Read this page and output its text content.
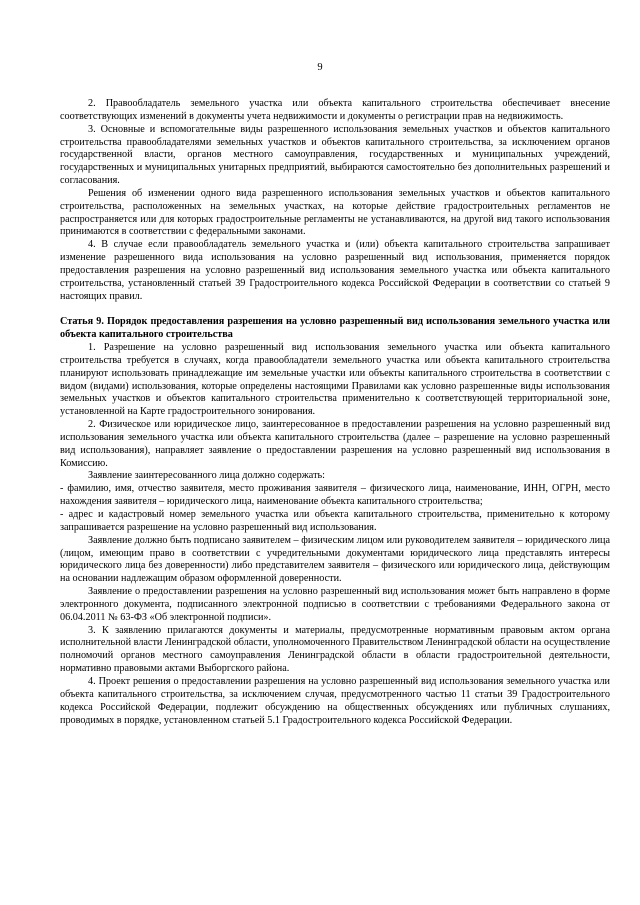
9

2. Правообладатель земельного участка или объекта капитального строительства обеспечивает внесение соответствующих изменений в документы учета недвижимости и документы о регистрации прав на недвижимость.

3. Основные и вспомогательные виды разрешенного использования земельных участков и объектов капитального строительства правообладателями земельных участков и объектов капитального строительства, за исключением органов государственной власти, органов местного самоуправления, государственных и муниципальных учреждений, государственных и муниципальных унитарных предприятий, выбираются самостоятельно без дополнительных разрешений и согласования.

Решения об изменении одного вида разрешенного использования земельных участков и объектов капитального строительства, расположенных на земельных участках, на которые действие градостроительных регламентов не распространяется или для которых градостроительные регламенты не устанавливаются, на другой вид такого использования принимаются в соответствии с федеральными законами.

4. В случае если правообладатель земельного участка и (или) объекта капитального строительства запрашивает изменение разрешенного вида использования на условно разрешенный вид использования, применяется порядок предоставления разрешения на условно разрешенный вид использования земельного участка или объекта капитального строительства, установленный статьей 39 Градостроительного кодекса Российской Федерации в соответствии со статьей 9 настоящих правил.

Статья 9. Порядок предоставления разрешения на условно разрешенный вид использования земельного участка или объекта капитального строительства

1. Разрешение на условно разрешенный вид использования земельного участка или объекта капитального строительства требуется в случаях, когда правообладатели земельного участка или объекта капитального строительства планируют использовать принадлежащие им земельные участки или объекты капитального строительства в соответствии с видом (видами) использования, которые определены настоящими Правилами как условно разрешенные виды использования земельных участков и объектов капитального строительства применительно к соответствующей территориальной зоне, установленной на Карте градостроительного зонирования.

2. Физическое или юридическое лицо, заинтересованное в предоставлении разрешения на условно разрешенный вид использования земельного участка или объекта капитального строительства (далее – разрешение на условно разрешенный вид использования), направляет заявление о предоставлении разрешения на условно разрешенный вид использования в Комиссию.

Заявление заинтересованного лица должно содержать:

- фамилию, имя, отчество заявителя, место проживания заявителя – физического лица, наименование, ИНН, ОГРН, место нахождения заявителя – юридического лица, наименование объекта капитального строительства;

- адрес и кадастровый номер земельного участка или объекта капитального строительства, применительно к которому запрашивается разрешение на условно разрешенный вид использования.

Заявление должно быть подписано заявителем – физическим лицом или руководителем заявителя – юридического лица (лицом, имеющим право в соответствии с учредительными документами юридического лица представлять интересы юридического лица без доверенности) либо представителем заявителя – физического или юридического лица, действующим на основании надлежащим образом оформленной доверенности.

Заявление о предоставлении разрешения на условно разрешенный вид использования может быть направлено в форме электронного документа, подписанного электронной подписью в соответствии с требованиями Федерального закона от 06.04.2011 № 63-ФЗ «Об электронной подписи».

3. К заявлению прилагаются документы и материалы, предусмотренные нормативным правовым актом органа исполнительной власти Ленинградской области, уполномоченного Правительством Ленинградской области на осуществление полномочий органов местного самоуправления Ленинградской области в области градостроительной деятельности, нормативно правовыми актами Выборгского района.

4. Проект решения о предоставлении разрешения на условно разрешенный вид использования земельного участка или объекта капитального строительства, за исключением случая, предусмотренного частью 11 статьи 39 Градостроительного кодекса Российской Федерации, подлежит обсуждению на общественных обсуждениях или публичных слушаниях, проводимых в порядке, установленном статьей 5.1 Градостроительного кодекса Российской Федерации.
